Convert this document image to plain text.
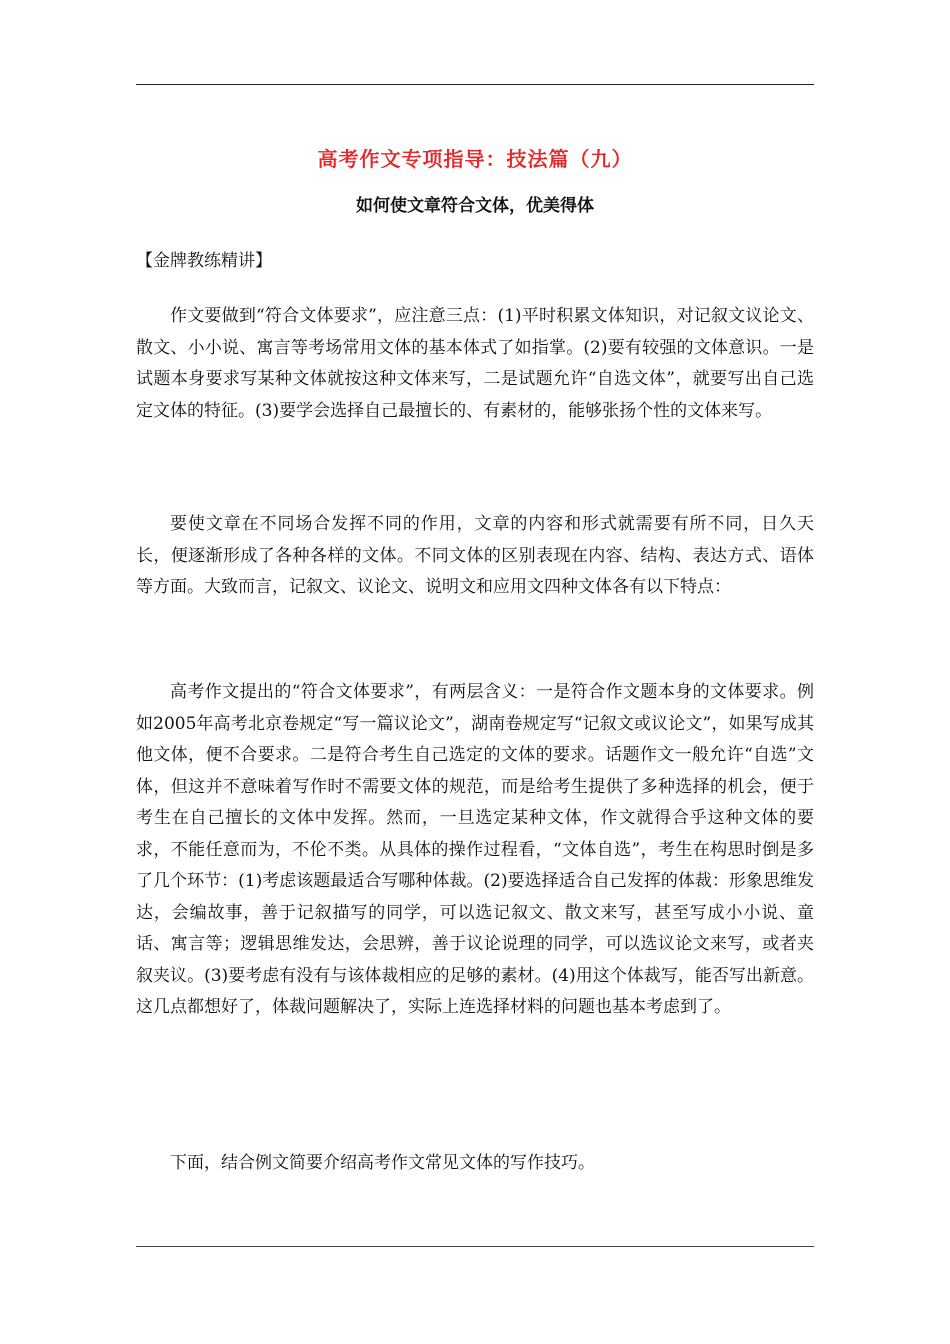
高考作文专项指导：技法篇（九）
如何使文章符合文体，优美得体
【金牌教练精讲】

作文要做到“符合文体要求”，应注意三点：(1)平时积累文体知识，对记叙文议论文、散文、小小说、寓言等考场常用文体的基本体式了如指掌。(2)要有较强的文体意识。一是试题本身要求写某种文体就按这种文体来写，二是试题允许“自选文体”，就要写出自己选定文体的特征。(3)要学会选择自己最擅长的、有素材的，能够张扬个性的文体来写。

要使文章在不同场合发挥不同的作用，文章的内容和形式就需要有所不同，日久天长，便逐渐形成了各种各样的文体。不同文体的区别表现在内容、结构、表达方式、语体等方面。大致而言，记叙文、议论文、说明文和应用文四种文体各有以下特点：

高考作文提出的“符合文体要求”，有两层含义：一是符合作文题本身的文体要求。例如2005年高考北京卷规定“写一篇议论文”，湖南卷规定写“记叙文或议论文”，如果写成其他文体，便不合要求。二是符合考生自己选定的文体的要求。话题作文一般允许“自选”文体，但这并不意味着写作时不需要文体的规范，而是给考生提供了多种选择的机会，便于考生在自己擅长的文体中发挥。然而，一旦选定某种文体，作文就得合乎这种文体的要求，不能任意而为，不伦不类。从具体的操作过程看，“文体自选”，考生在构思时倒是多了几个环节：(1)考虑该题最适合写哪种体裁。(2)要选择适合自己发挥的体裁：形象思维发达，会编故事，善于记叙描写的同学，可以选记叙文、散文来写，甚至写成小小说、童话、寓言等；逻辑思维发达，会思辨，善于议论说理的同学，可以选议论文来写，或者夹叙夹议。(3)要考虑有没有与该体裁相应的足够的素材。(4)用这个体裁写，能否写出新意。这几点都想好了，体裁问题解决了，实际上连选择材料的问题也基本考虑到了。

下面，结合例文简要介绍高考作文常见文体的写作技巧。
